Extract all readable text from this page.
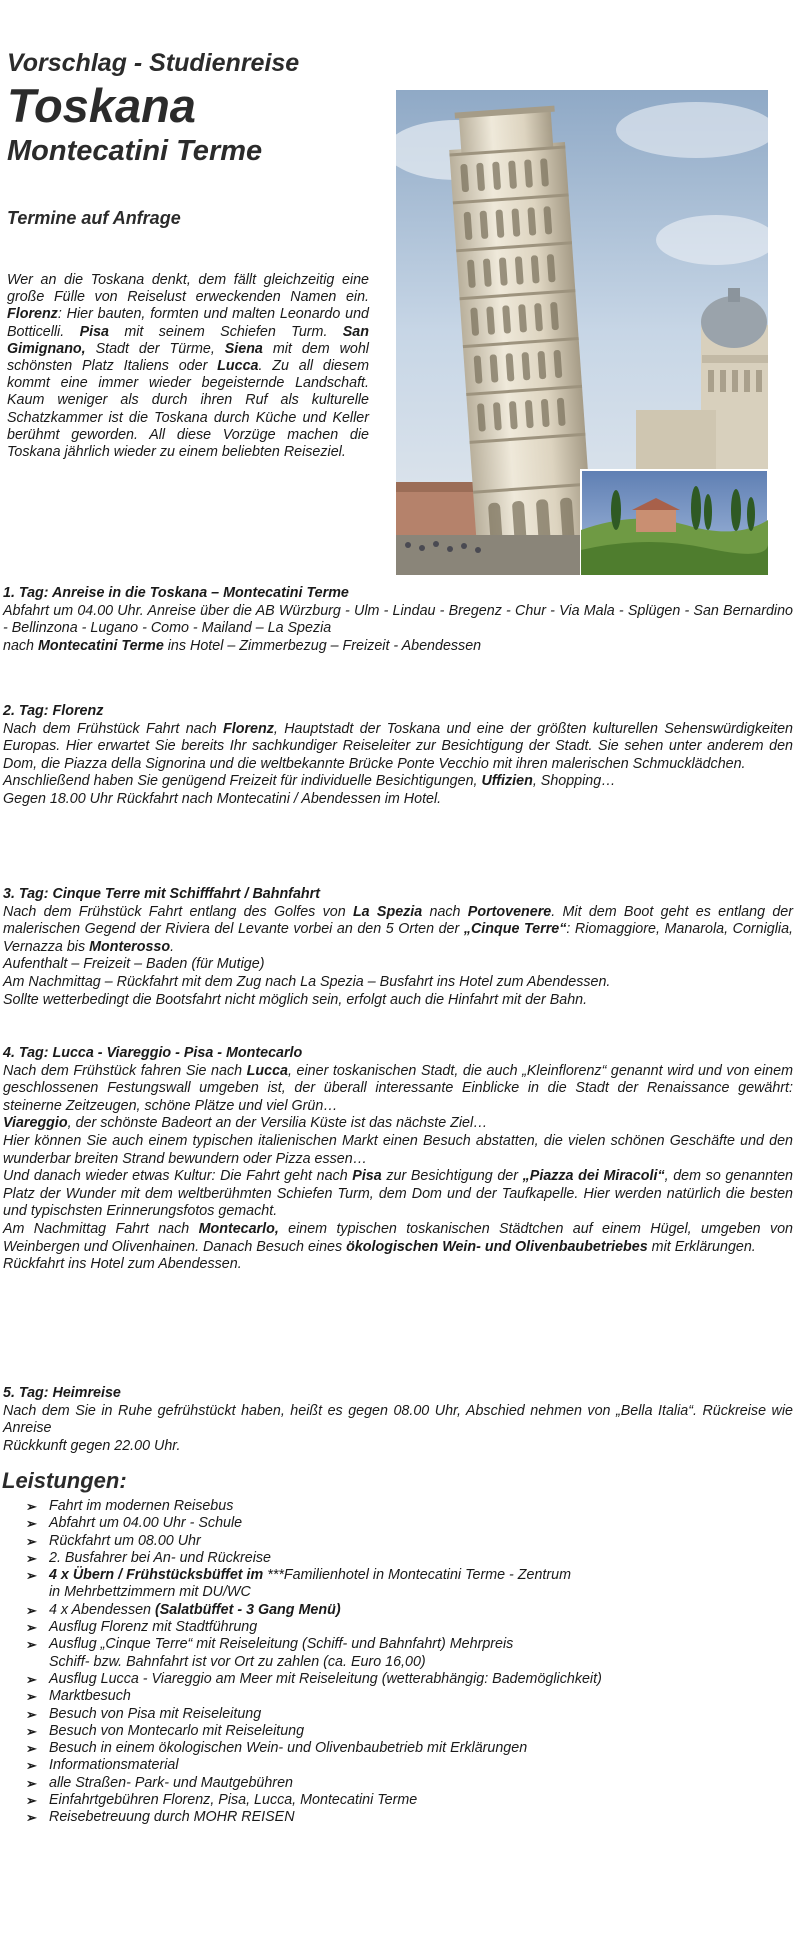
Vorschlag - Studienreise
Toskana
Montecatini Terme
Termine auf Anfrage
Wer an die Toskana denkt, dem fällt gleichzeitig eine große Fülle von Reiselust erweckenden Namen ein. Florenz: Hier bauten, formten und malten Leonardo und Botticelli. Pisa mit seinem Schiefen Turm. San Gimignano, Stadt der Türme, Siena mit dem wohl schönsten Platz Italiens oder Lucca. Zu all diesem kommt eine immer wieder begeisternde Landschaft. Kaum weniger als durch ihren Ruf als kulturelle Schatzkammer ist die Toskana durch Küche und Keller berühmt geworden. All diese Vorzüge machen die Toskana jährlich wieder zu einem beliebten Reiseziel.
1. Tag: Anreise in die Toskana – Montecatini Terme

Abfahrt um 04.00 Uhr. Anreise über die AB Würzburg - Ulm - Lindau - Bregenz - Chur - Via Mala - Splügen - San Bernardino - Bellinzona - Lugano - Como - Mailand – La Spezia

nach Montecatini Terme ins Hotel – Zimmerbezug – Freizeit - Abendessen

2. Tag: Florenz

Nach dem Frühstück Fahrt nach Florenz, Hauptstadt der Toskana und eine der größten kulturellen Sehenswürdigkeiten Europas. Hier erwartet Sie bereits Ihr sachkundiger Reiseleiter zur Besichtigung der Stadt. Sie sehen unter anderem den Dom, die Piazza della Signorina und die weltbekannte Brücke Ponte Vecchio mit ihren malerischen Schmucklädchen.

Anschließend haben Sie genügend Freizeit für individuelle Besichtigungen, Uffizien, Shopping…

Gegen 18.00 Uhr Rückfahrt nach Montecatini / Abendessen im Hotel.

3. Tag: Cinque Terre mit Schifffahrt / Bahnfahrt

Nach dem Frühstück Fahrt entlang des Golfes von La Spezia nach Portovenere. Mit dem Boot geht es entlang der malerischen Gegend der Riviera del Levante vorbei an den 5 Orten der „Cinque Terre“: Riomaggiore, Manarola, Corniglia, Vernazza bis Monterosso.

Aufenthalt – Freizeit – Baden (für Mutige)

Am Nachmittag – Rückfahrt mit dem Zug nach La Spezia – Busfahrt ins Hotel zum Abendessen.

Sollte wetterbedingt die Bootsfahrt nicht möglich sein, erfolgt auch die Hinfahrt mit der Bahn.

4. Tag: Lucca - Viareggio - Pisa - Montecarlo

Nach dem Frühstück fahren Sie nach Lucca, einer toskanischen Stadt, die auch „Kleinflorenz“ genannt wird und von einem geschlossenen Festungswall umgeben ist, der überall interessante Einblicke in die Stadt der Renaissance gewährt: steinerne Zeitzeugen, schöne Plätze und viel Grün…

Viareggio, der schönste Badeort an der Versilia Küste ist das nächste Ziel…

Hier können Sie auch einem typischen italienischen Markt einen Besuch abstatten, die vielen schönen Geschäfte und den wunderbar breiten Strand bewundern oder Pizza essen…

Und danach wieder etwas Kultur: Die Fahrt geht nach Pisa zur Besichtigung der „Piazza dei Miracoli“, dem so genannten Platz der Wunder mit dem weltberühmten Schiefen Turm, dem Dom und der Taufkapelle. Hier werden natürlich die besten und typischsten Erinnerungsfotos gemacht.

Am Nachmittag Fahrt nach Montecarlo, einem typischen toskanischen Städtchen auf einem Hügel, umgeben von Weinbergen und Olivenhainen. Danach Besuch eines ökologischen Wein- und Olivenbaubetriebes mit Erklärungen.

Rückfahrt ins Hotel zum Abendessen.

5. Tag: Heimreise

Nach dem Sie in Ruhe gefrühstückt haben, heißt es gegen 08.00 Uhr, Abschied nehmen von „Bella Italia“. Rückreise wie Anreise

Rückkunft gegen 22.00 Uhr.

Leistungen:
➢ Fahrt im modernen Reisebus
➢ Abfahrt um 04.00 Uhr - Schule
➢ Rückfahrt um 08.00 Uhr
➢ 2. Busfahrer bei An- und Rückreise
➢ 4 x Übern / Frühstücksbüffet im ***Familienhotel in Montecatini Terme - Zentrum
in Mehrbettzimmern mit DU/WC
➢ 4 x Abendessen (Salatbüffet - 3 Gang Menü)
➢ Ausflug Florenz mit Stadtführung
➢ Ausflug „Cinque Terre“ mit Reiseleitung (Schiff- und Bahnfahrt) Mehrpreis
Schiff- bzw. Bahnfahrt ist vor Ort zu zahlen (ca. Euro 16,00)
➢ Ausflug Lucca - Viareggio am Meer mit Reiseleitung (wetterabhängig: Bademöglichkeit)
➢ Marktbesuch
➢ Besuch von Pisa mit Reiseleitung
➢ Besuch von Montecarlo mit Reiseleitung
➢ Besuch in einem ökologischen Wein- und Olivenbaubetrieb mit Erklärungen
➢ Informationsmaterial
➢ alle Straßen- Park- und Mautgebühren
➢ Einfahrtgebühren Florenz, Pisa, Lucca, Montecatini Terme
➢ Reisebetreuung durch MOHR REISEN
